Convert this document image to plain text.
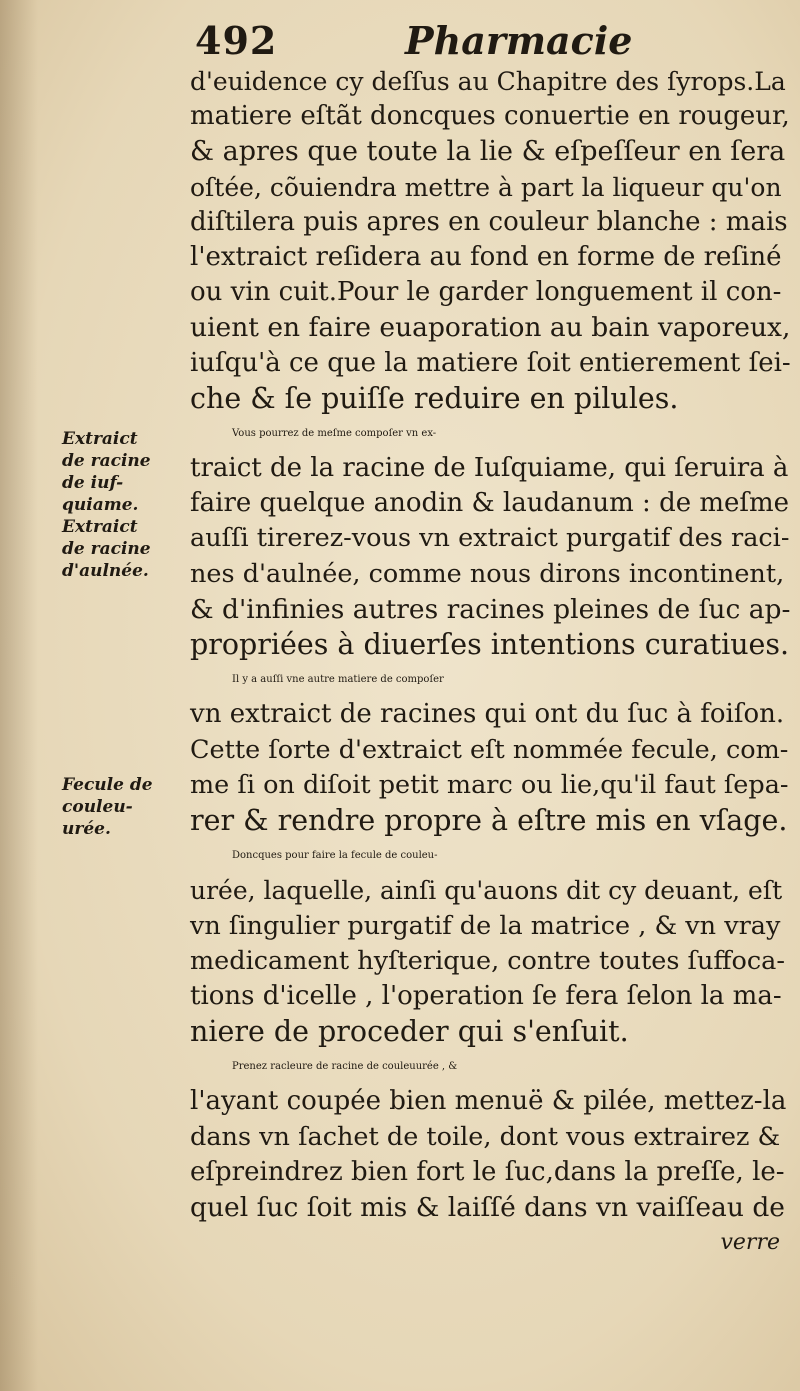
492	Pharmacie
Extraict
de racine
de iuf-
quiame.
Extraict
de racine
d'aulnée.
Fecule de
couleu-
urée.
d'euidence cy deſſus au Chapitre des ſyrops.La
matiere eſtãt doncques conuertie en rougeur,
& apres que toute la lie & eſpeſſeur en ſera
oſtée, cõuiendra mettre à part la liqueur qu'on
diſtilera puis apres en couleur blanche : mais
l'extraict reſidera au fond en forme de reſiné
ou vin cuit.Pour le garder longuement il con-
uient en faire euaporation au bain vaporeux,
iuſqu'à ce que la matiere ſoit entierement ſei-
che & ſe puiſſe reduire en pilules.
Vous pourrez de meſme compoſer vn ex-
traict de la racine de Iuſquiame, qui ſeruira à
faire quelque anodin & laudanum : de meſme
auſſi tirerez-vous vn extraict purgatif des raci-
nes d'aulnée, comme nous dirons incontinent,
& d'infinies autres racines pleines de ſuc ap-
propriées à diuerſes intentions curatiues.
Il y a auſſi vne autre matiere de compoſer
vn extraict de racines qui ont du ſuc à foiſon.
Cette ſorte d'extraict eſt nommée fecule, com-
me ſi on diſoit petit marc ou lie,qu'il faut ſepa-
rer & rendre propre à eſtre mis en vſage.
Doncques pour faire la fecule de couleu-
urée, laquelle, ainſi qu'auons dit cy deuant, eſt
vn ſingulier purgatif de la matrice , & vn vray
medicament hyſterique, contre toutes ſuffoca-
tions d'icelle , l'operation ſe fera ſelon la ma-
niere de proceder qui s'enſuit.
Prenez racleure de racine de couleuurée , &
l'ayant coupée bien menuë & pilée, mettez-la
dans vn ſachet de toile, dont vous extrairez &
eſpreindrez bien fort le ſuc,dans la preſſe, le-
quel ſuc ſoit mis & laiſſé dans vn vaiſſeau de
verre
